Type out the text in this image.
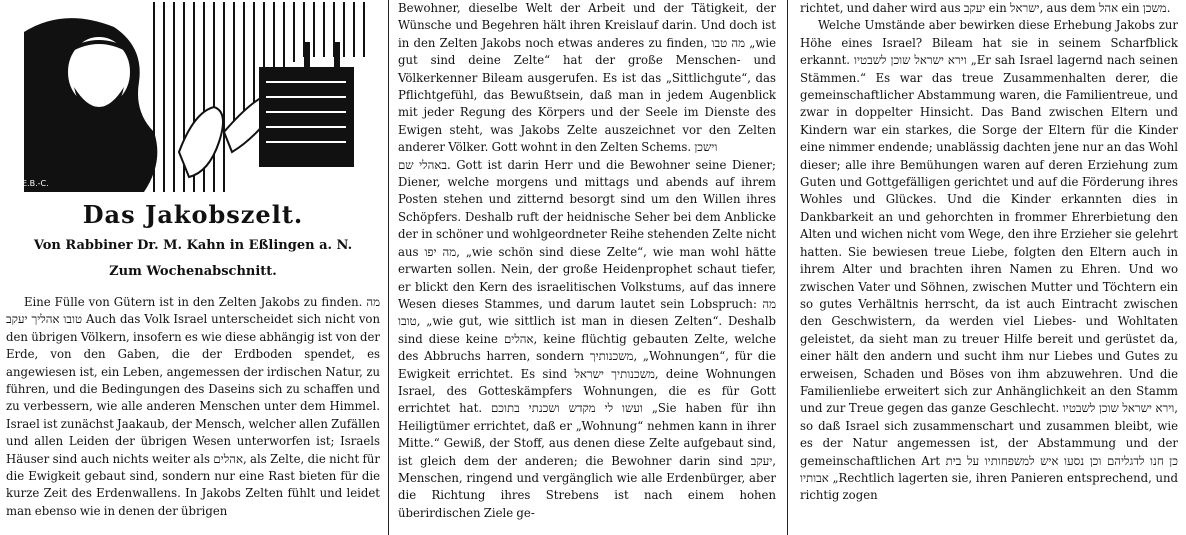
E.B.-C.
Das Jakobszelt.
Von Rabbiner Dr. M. Kahn in Eßlingen a. N.
Zum Wochenabschnitt.

Eine Fülle von Gütern ist in den Zelten Jakobs zu finden. מה טובו אהליך יעקב Auch das Volk Israel unterscheidet sich nicht von den übrigen Völkern, insofern es wie diese abhängig ist von der Erde, von den Gaben, die der Erdboden spendet, es angewiesen ist, ein Leben, angemessen der irdischen Natur, zu führen, und die Bedingungen des Daseins sich zu schaffen und zu verbessern, wie alle anderen Menschen unter dem Himmel. Israel ist zunächst Jaakaub, der Mensch, welcher allen Zufällen und allen Leiden der übrigen Wesen unterworfen ist; Israels Häuser sind auch nichts weiter als אהלים, als Zelte, die nicht für die Ewigkeit gebaut sind, sondern nur eine Rast bieten für die kurze Zeit des Erdenwallens. In Jakobs Zelten fühlt und leidet man ebenso wie in denen der übrigen

Bewohner, dieselbe Welt der Arbeit und der Tätigkeit, der Wünsche und Begehren hält ihren Kreislauf darin. Und doch ist in den Zelten Jakobs noch etwas anderes zu finden, מה טבו „wie gut sind deine Zelte“ hat der große Menschen- und Völkerkenner Bileam ausgerufen. Es ist das „Sittlichgute“, das Pflichtgefühl, das Bewußtsein, daß man in jedem Augenblick mit jeder Regung des Körpers und der Seele im Dienste des Ewigen steht, was Jakobs Zelte auszeichnet vor den Zelten anderer Völker. Gott wohnt in den Zelten Schems. וישכן

באהלי שם. Gott ist darin Herr und die Bewohner seine Diener; Diener, welche morgens und mittags und abends auf ihrem Posten stehen und zitternd besorgt sind um den Willen ihres Schöpfers. Deshalb ruft der heidnische Seher bei dem Anblicke der in schöner und wohlgeordneter Reihe stehenden Zelte nicht aus מה יפו, „wie schön sind diese Zelte“, wie man wohl hätte erwarten sollen. Nein, der große Heidenprophet schaut tiefer, er blickt den Kern des israelitischen Volkstums, auf das innere Wesen dieses Stammes, und darum lautet sein Lobspruch: מה טובו, „wie gut, wie sittlich ist man in diesen Zelten“. Deshalb sind diese keine אהלים, keine flüchtig gebauten Zelte, welche des Abbruchs harren, sondern משכנותיך, „Wohnungen“, für die Ewigkeit errichtet. Es sind משכנותיך ישראל, deine Wohnungen Israel, des Gotteskämpfers Wohnungen, die es für Gott errichtet hat. ועשו לי מקדש ושכנתי בתוכם „Sie haben für ihn Heiligtümer errichtet, daß er „Wohnung“ nehmen kann in ihrer Mitte.“ Gewiß, der Stoff, aus denen diese Zelte aufgebaut sind, ist gleich dem der anderen; die Bewohner darin sind יעקב, Menschen, ringend und vergänglich wie alle Erdenbürger, aber die Richtung ihres Strebens ist nach einem hohen überirdischen Ziele ge-

richtet, und daher wird aus יעקב ein ישראל, aus dem אהל ein משכן.

Welche Umstände aber bewirken diese Erhebung Jakobs zur Höhe eines Israel? Bileam hat sie in seinem Scharfblick erkannt. וירא ישראל שוכן לשבטיו „Er sah Israel lagernd nach seinen Stämmen.“ Es war das treue Zusammenhalten derer, die gemeinschaftlicher Abstammung waren, die Familientreue, und zwar in doppelter Hinsicht. Das Band zwischen Eltern und Kindern war ein starkes, die Sorge der Eltern für die Kinder eine nimmer endende; unablässig dachten jene nur an das Wohl dieser; alle ihre Bemühungen waren auf deren Erziehung zum Guten und Gottgefälligen gerichtet und auf die Förderung ihres Wohles und Glückes. Und die Kinder erkannten dies in Dankbarkeit an und gehorchten in frommer Ehrerbietung den Alten und wichen nicht vom Wege, den ihre Erzieher sie gelehrt hatten. Sie bewiesen treue Liebe, folgten den Eltern auch in ihrem Alter und brachten ihren Namen zu Ehren. Und wo zwischen Vater und Söhnen, zwischen Mutter und Töchtern ein so gutes Verhältnis herrscht, da ist auch Eintracht zwischen den Geschwistern, da werden viel Liebes- und Wohltaten geleistet, da sieht man zu treuer Hilfe bereit und gerüstet da, einer hält den andern und sucht ihm nur Liebes und Gutes zu erweisen, Schaden und Böses von ihm abzuwehren. Und die Familienliebe erweitert sich zur Anhänglichkeit an den Stamm und zur Treue gegen das ganze Geschlecht. וירא ישראל שוכן לשבטיו, so daß Israel sich zusammenschart und zusammen bleibt, wie es der Natur angemessen ist, der Abstammung und der gemeinschaftlichen Art כן חנו לדגליהם וכן נסעו איש למשפחותיו על בית אבותיו „Rechtlich lagerten sie, ihren Panieren entsprechend, und richtig zogen
